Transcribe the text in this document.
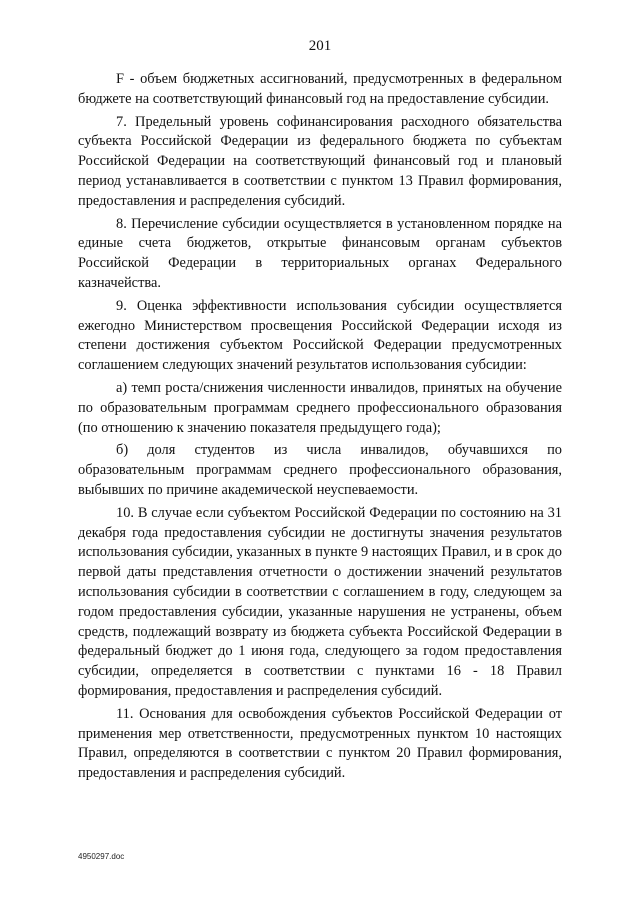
201

F - объем бюджетных ассигнований, предусмотренных в федеральном бюджете на соответствующий финансовый год на предоставление субсидии.

7. Предельный уровень софинансирования расходного обязательства субъекта Российской Федерации из федерального бюджета по субъектам Российской Федерации на соответствующий финансовый год и плановый период устанавливается в соответствии с пунктом 13 Правил формирования, предоставления и распределения субсидий.

8. Перечисление субсидии осуществляется в установленном порядке на единые счета бюджетов, открытые финансовым органам субъектов Российской Федерации в территориальных органах Федерального казначейства.

9. Оценка эффективности использования субсидии осуществляется ежегодно Министерством просвещения Российской Федерации исходя из степени достижения субъектом Российской Федерации предусмотренных соглашением следующих значений результатов использования субсидии:

а) темп роста/снижения численности инвалидов, принятых на обучение по образовательным программам среднего профессионального образования (по отношению к значению показателя предыдущего года);

б) доля студентов из числа инвалидов, обучавшихся по образовательным программам среднего профессионального образования, выбывших по причине академической неуспеваемости.

10. В случае если субъектом Российской Федерации по состоянию на 31 декабря года предоставления субсидии не достигнуты значения результатов использования субсидии, указанных в пункте 9 настоящих Правил, и в срок до первой даты представления отчетности о достижении значений результатов использования субсидии в соответствии с соглашением в году, следующем за годом предоставления субсидии, указанные нарушения не устранены, объем средств, подлежащий возврату из бюджета субъекта Российской Федерации в федеральный бюджет до 1 июня года, следующего за годом предоставления субсидии, определяется в соответствии с пунктами 16 - 18 Правил формирования, предоставления и распределения субсидий.

11. Основания для освобождения субъектов Российской Федерации от применения мер ответственности, предусмотренных пунктом 10 настоящих Правил, определяются в соответствии с пунктом 20 Правил формирования, предоставления и распределения субсидий.

4950297.doc
